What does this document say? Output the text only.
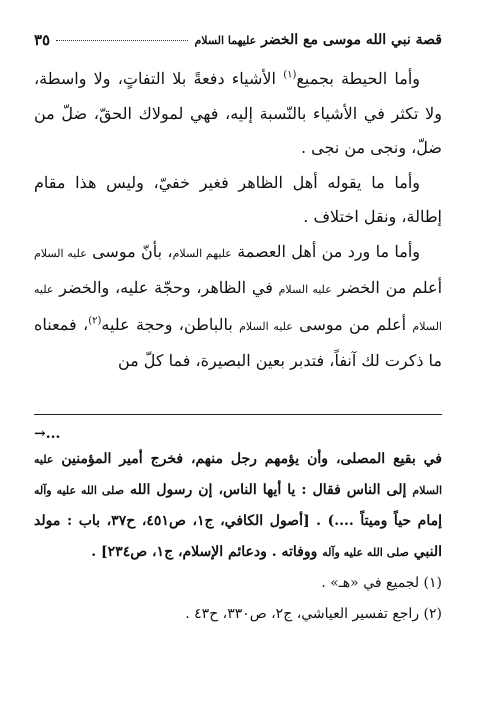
قصة نبي الله موسى مع الخضر عليهما السلام
٣٥

وأما الحيطة بجميع$^{(١)}$ الأشياء دفعةً بلا التفاتٍ، ولا واسطة، ولا تكثر في الأشياء بالنّسبة إليه، فهي لمولاك الحقّ، ضلّ من ضلّ، ونجى من نجى .

وأما ما يقوله أهل الظاهر فغير خفيّ، وليس هذا مقام إطالة، ونقل اختلاف .

وأما ما ورد من أهل العصمة عليهم السلام، بأنّ موسى عليه السلام أعلم من الخضر عليه السلام في الظاهر، وحجّة عليه، والخضر عليه السلام أعلم من موسى عليه السلام بالباطن، وحجة عليه$^{(٢)}$، فمعناه ما ذكرت لك آنفاً، فتدبر بعين البصيرة، فما كلّ من

→...

في بقيع المصلى، وأن يؤمهم رجل منهم، فخرج أمير المؤمنين عليه السلام إلى الناس فقال : يا أيها الناس، إن رسول الله صلى الله عليه وآله إمام حياً وميتاً ....) . [أصول الكافي، ج١، ص٤٥١، ح٣٧، باب : مولد النبي صلى الله عليه وآله ووفاته . ودعائم الإسلام، ج١، ص٢٣٤] .

(١) لجميع في «هـ» .

(٢) راجع تفسير العياشي، ج٢، ص٣٣٠، ح٤٣ .
